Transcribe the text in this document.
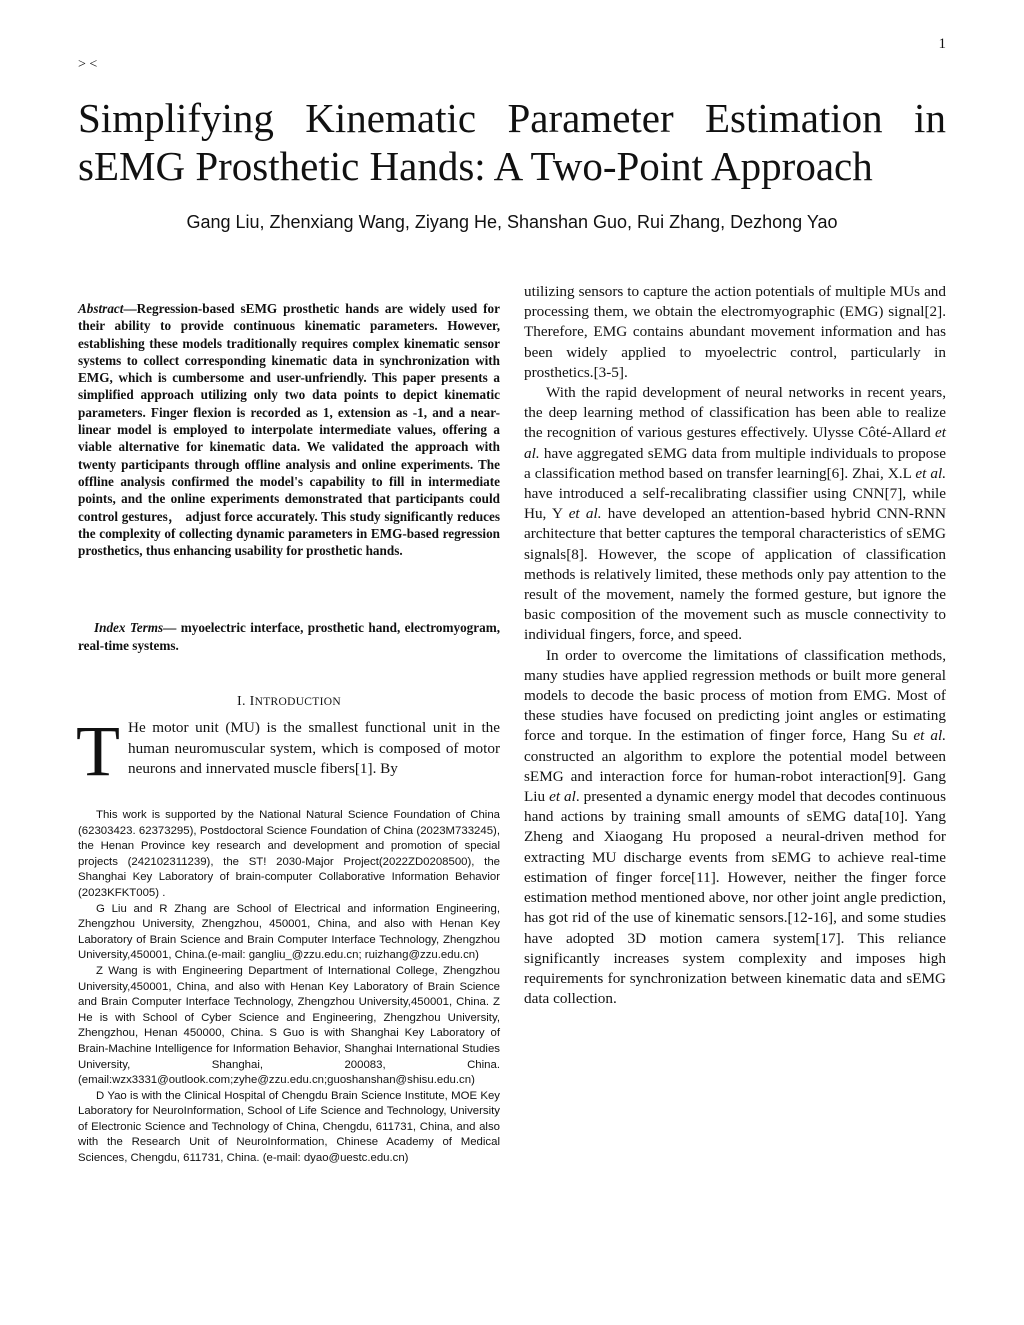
1
> <
Simplifying Kinematic Parameter Estimation in
sEMG Prosthetic Hands: A Two-Point Approach
Gang Liu, Zhenxiang Wang, Ziyang He, Shanshan Guo, Rui Zhang, Dezhong Yao
Abstract—Regression-based sEMG prosthetic hands are widely used for their ability to provide continuous kinematic parameters. However, establishing these models traditionally requires complex kinematic sensor systems to collect corresponding kinematic data in synchronization with EMG, which is cumbersome and user-unfriendly. This paper presents a simplified approach utilizing only two data points to depict kinematic parameters. Finger flexion is recorded as 1, extension as -1, and a near-linear model is employed to interpolate intermediate values, offering a viable alternative for kinematic data. We validated the approach with twenty participants through offline analysis and online experiments. The offline analysis confirmed the model's capability to fill in intermediate points, and the online experiments demonstrated that participants could control gestures， adjust force accurately. This study significantly reduces the complexity of collecting dynamic parameters in EMG-based regression prosthetics, thus enhancing usability for prosthetic hands.
Index Terms— myoelectric interface, prosthetic hand, electromyogram, real-time systems.
I. INTRODUCTION
T He motor unit (MU) is the smallest functional unit in the human neuromuscular system, which is composed of motor neurons and innervated muscle fibers[1]. By

This work is supported by the National Natural Science Foundation of China (62303423. 62373295), Postdoctoral Science Foundation of China (2023M733245), the Henan Province key research and development and promotion of special projects (242102311239), the ST! 2030-Major Project(2022ZD0208500), the Shanghai Key Laboratory of brain-computer Collaborative Information Behavior (2023KFKT005) .

G Liu and R Zhang are School of Electrical and information Engineering, Zhengzhou University, Zhengzhou, 450001, China, and also with Henan Key Laboratory of Brain Science and Brain Computer Interface Technology, Zhengzhou University,450001, China.(e-mail: gangliu_@zzu.edu.cn; ruizhang@zzu.edu.cn)

Z Wang is with Engineering Department of International College, Zhengzhou University,450001, China, and also with Henan Key Laboratory of Brain Science and Brain Computer Interface Technology, Zhengzhou University,450001, China. Z He is with School of Cyber Science and Engineering, Zhengzhou University, Zhengzhou, Henan 450000, China. S Guo is with Shanghai Key Laboratory of Brain-Machine Intelligence for Information Behavior, Shanghai International Studies University, Shanghai, 200083, China. (email:wzx3331@outlook.com;zyhe@zzu.edu.cn;guoshanshan@shisu.edu.cn)

D Yao is with the Clinical Hospital of Chengdu Brain Science Institute, MOE Key Laboratory for NeuroInformation, School of Life Science and Technology, University of Electronic Science and Technology of China, Chengdu, 611731, China, and also with the Research Unit of NeuroInformation, Chinese Academy of Medical Sciences, Chengdu, 611731, China. (e-mail: dyao@uestc.edu.cn)

utilizing sensors to capture the action potentials of multiple MUs and processing them, we obtain the electromyographic (EMG) signal[2]. Therefore, EMG contains abundant movement information and has been widely applied to myoelectric control, particularly in prosthetics.[3-5].

With the rapid development of neural networks in recent years, the deep learning method of classification has been able to realize the recognition of various gestures effectively. Ulysse Côté-Allard et al. have aggregated sEMG data from multiple individuals to propose a classification method based on transfer learning[6]. Zhai, X.L et al. have introduced a self-recalibrating classifier using CNN[7], while Hu, Y et al. have developed an attention-based hybrid CNN-RNN architecture that better captures the temporal characteristics of sEMG signals[8]. However, the scope of application of classification methods is relatively limited, these methods only pay attention to the result of the movement, namely the formed gesture, but ignore the basic composition of the movement such as muscle connectivity to individual fingers, force, and speed.

In order to overcome the limitations of classification methods, many studies have applied regression methods or built more general models to decode the basic process of motion from EMG. Most of these studies have focused on predicting joint angles or estimating force and torque. In the estimation of finger force, Hang Su et al. constructed an algorithm to explore the potential model between sEMG and interaction force for human-robot interaction[9]. Gang Liu et al. presented a dynamic energy model that decodes continuous hand actions by training small amounts of sEMG data[10]. Yang Zheng and Xiaogang Hu proposed a neural-driven method for extracting MU discharge events from sEMG to achieve real-time estimation of finger force[11]. However, neither the finger force estimation method mentioned above, nor other joint angle prediction, has got rid of the use of kinematic sensors.[12-16], and some studies have adopted 3D motion camera system[17]. This reliance significantly increases system complexity and imposes high requirements for synchronization between kinematic data and sEMG data collection.
